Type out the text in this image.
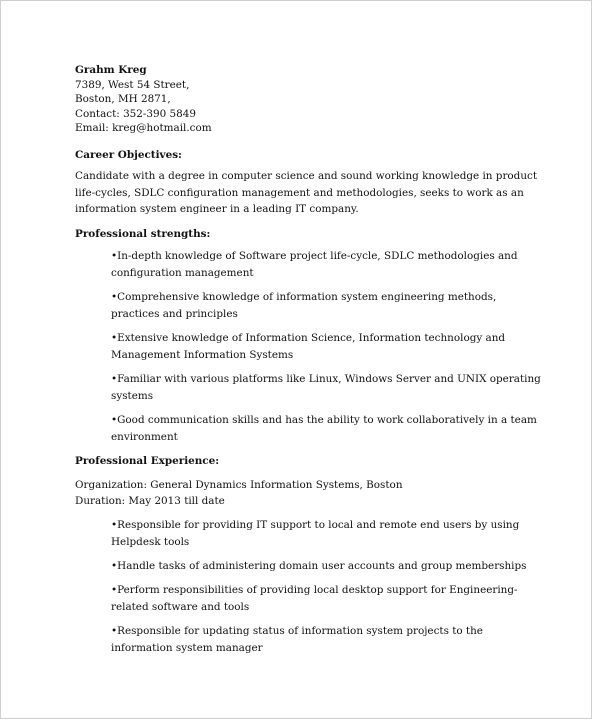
Grahm Kreg

7389, West 54 Street,

Boston, MH 2871,

Contact: 352-390 5849

Email: kreg@hotmail.com

Career Objectives:

Candidate with a degree in computer science and sound working knowledge in product life-cycles, SDLC configuration management and methodologies, seeks to work as an information system engineer in a leading IT company.

Professional strengths:

•In-depth knowledge of Software project life-cycle, SDLC methodologies and configuration management
•Comprehensive knowledge of information system engineering methods, practices and principles
•Extensive knowledge of Information Science, Information technology and Management Information Systems
•Familiar with various platforms like Linux, Windows Server and UNIX operating systems
•Good communication skills and has the ability to work collaboratively in a team environment

Professional Experience:

Organization: General Dynamics Information Systems, Boston
Duration: May 2013 till date
•Responsible for providing IT support to local and remote end users by using Helpdesk tools
•Handle tasks of administering domain user accounts and group memberships
•Perform responsibilities of providing local desktop support for Engineering-related software and tools
•Responsible for updating status of information system projects to the information system manager
